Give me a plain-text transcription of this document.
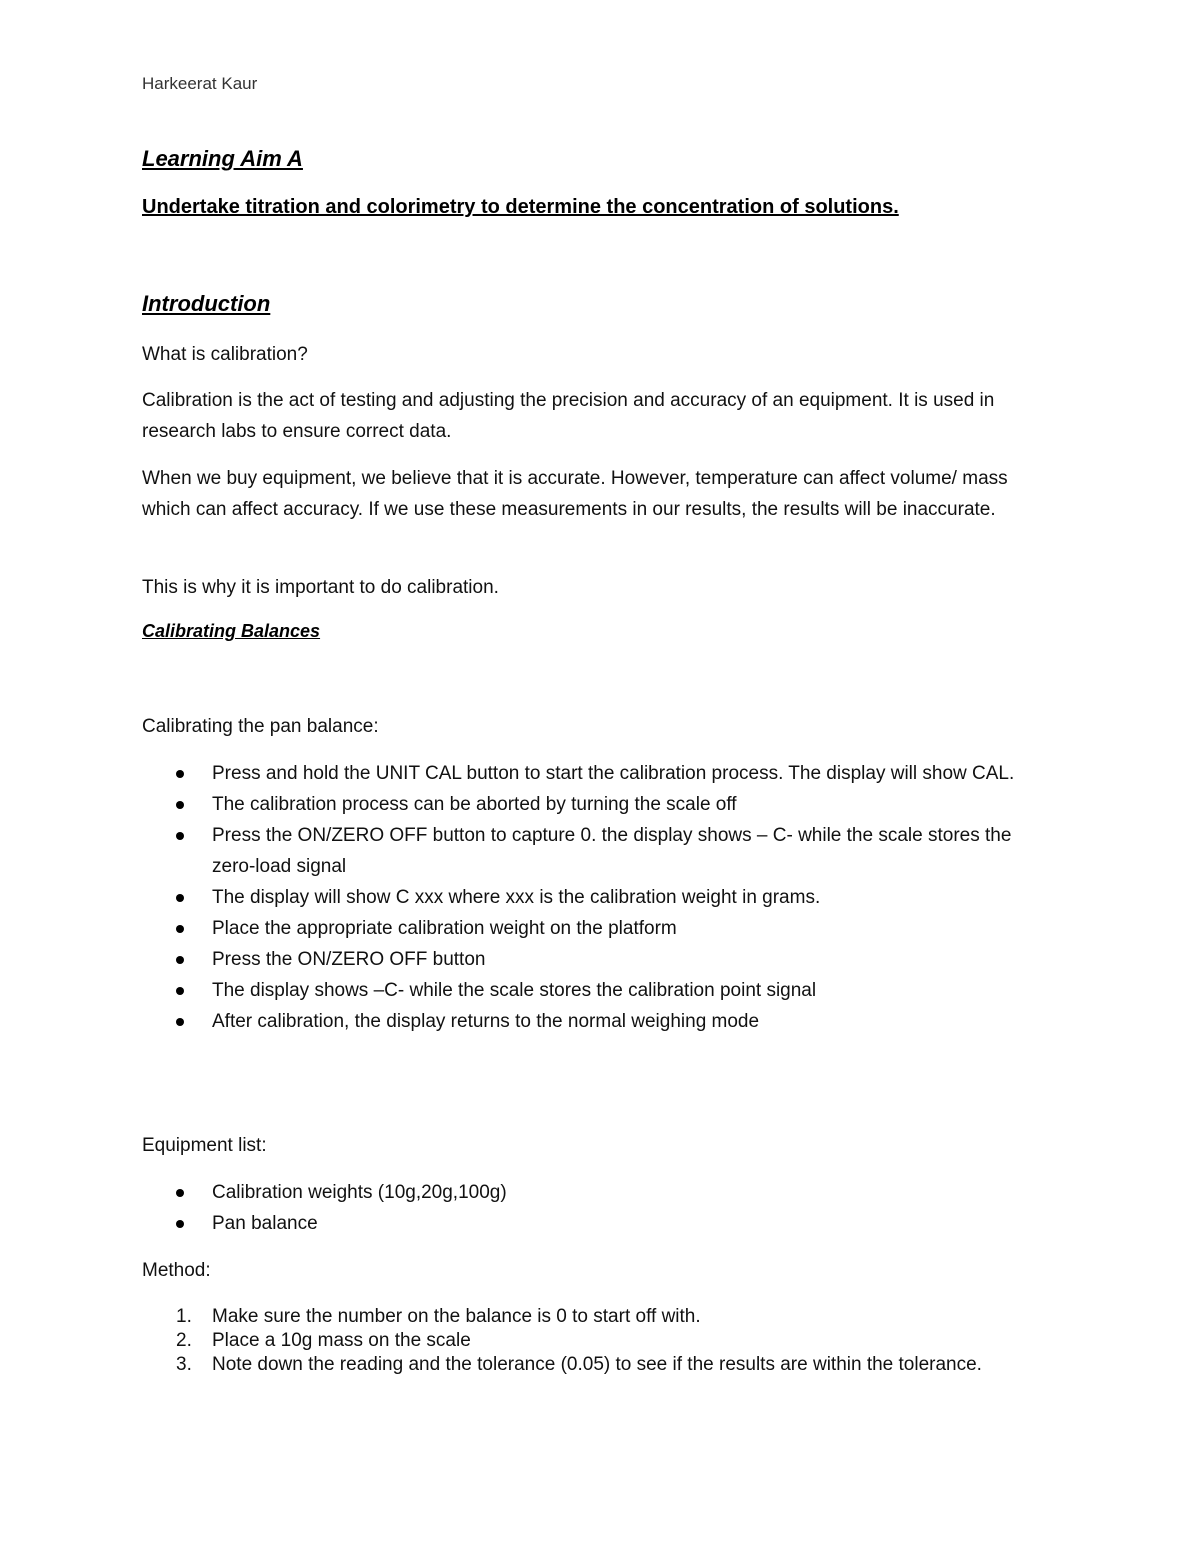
Harkeerat Kaur

Learning Aim A

Undertake titration and colorimetry to determine the concentration of solutions.

Introduction

What is calibration?

Calibration is the act of testing and adjusting the precision and accuracy of an equipment. It is used in research labs to ensure correct data.

When we buy equipment, we believe that it is accurate. However, temperature can affect volume/ mass which can affect accuracy. If we use these measurements in our results, the results will be inaccurate.

This is why it is important to do calibration.

Calibrating Balances

Calibrating the pan balance:

Press and hold the UNIT CAL button to start the calibration process. The display will show CAL.
The calibration process can be aborted by turning the scale off
Press the ON/ZERO OFF button to capture 0. the display shows – C- while the scale stores the zero-load signal
The display will show C xxx where xxx is the calibration weight in grams.
Place the appropriate calibration weight on the platform
Press the ON/ZERO OFF button
The display shows –C- while the scale stores the calibration point signal
After calibration, the display returns to the normal weighing mode

Equipment list:

Calibration weights (10g,20g,100g)
Pan balance

Method:

1. Make sure the number on the balance is 0 to start off with.
2. Place a 10g mass on the scale
3. Note down the reading and the tolerance (0.05) to see if the results are within the tolerance.
